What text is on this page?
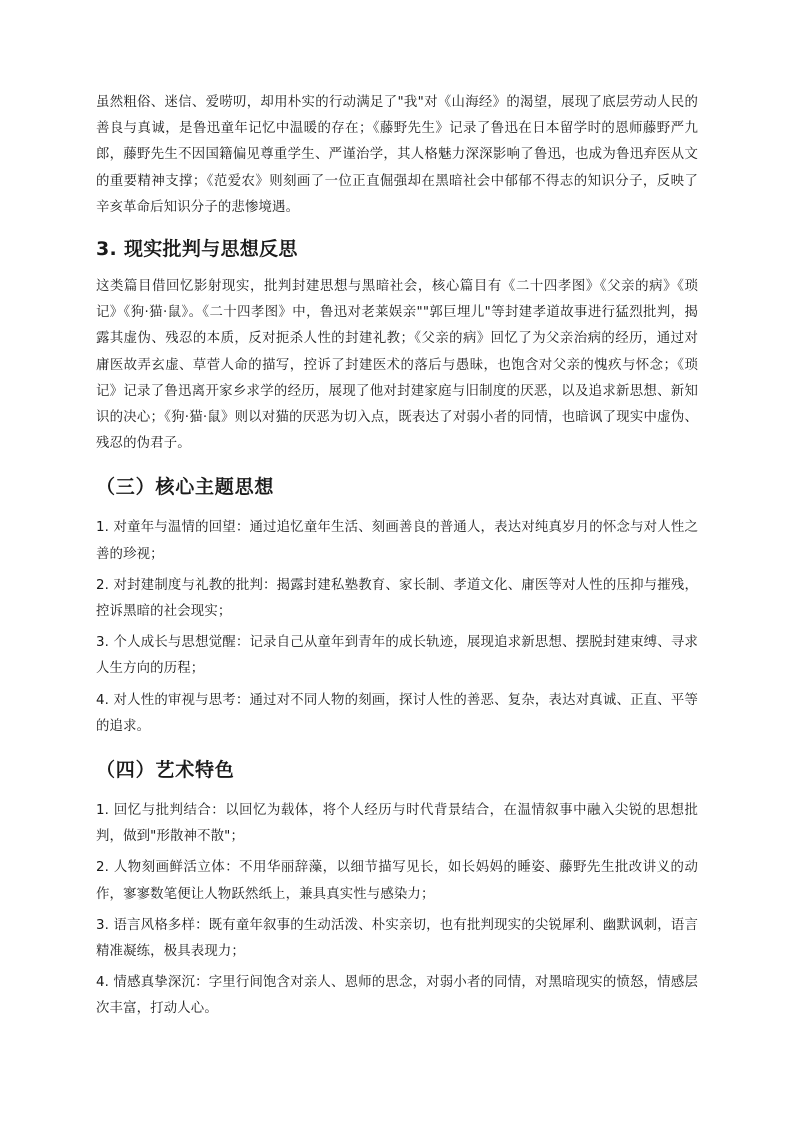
虽然粗俗、迷信、爱唠叨，却用朴实的行动满足了"我"对《山海经》的渴望，展现了底层劳动人民的善良与真诚，是鲁迅童年记忆中温暖的存在；《藤野先生》记录了鲁迅在日本留学时的恩师藤野严九郎，藤野先生不因国籍偏见尊重学生、严谨治学，其人格魅力深深影响了鲁迅，也成为鲁迅弃医从文的重要精神支撑；《范爱农》则刻画了一位正直倔强却在黑暗社会中郁郁不得志的知识分子，反映了辛亥革命后知识分子的悲惨境遇。

3. 现实批判与思想反思

这类篇目借回忆影射现实，批判封建思想与黑暗社会，核心篇目有《二十四孝图》《父亲的病》《琐记》《狗·猫·鼠》。《二十四孝图》中，鲁迅对老莱娱亲""郭巨埋儿"等封建孝道故事进行猛烈批判，揭露其虚伪、残忍的本质，反对扼杀人性的封建礼教；《父亲的病》回忆了为父亲治病的经历，通过对庸医故弄玄虚、草菅人命的描写，控诉了封建医术的落后与愚昧，也饱含对父亲的愧疚与怀念；《琐记》记录了鲁迅离开家乡求学的经历，展现了他对封建家庭与旧制度的厌恶，以及追求新思想、新知识的决心；《狗·猫·鼠》则以对猫的厌恶为切入点，既表达了对弱小者的同情，也暗讽了现实中虚伪、残忍的伪君子。

（三）核心主题思想

1. 对童年与温情的回望：通过追忆童年生活、刻画善良的普通人，表达对纯真岁月的怀念与对人性之善的珍视；

2. 对封建制度与礼教的批判：揭露封建私塾教育、家长制、孝道文化、庸医等对人性的压抑与摧残，控诉黑暗的社会现实；

3. 个人成长与思想觉醒：记录自己从童年到青年的成长轨迹，展现追求新思想、摆脱封建束缚、寻求人生方向的历程；

4. 对人性的审视与思考：通过对不同人物的刻画，探讨人性的善恶、复杂，表达对真诚、正直、平等的追求。

（四）艺术特色

1. 回忆与批判结合：以回忆为载体，将个人经历与时代背景结合，在温情叙事中融入尖锐的思想批判，做到"形散神不散"；

2. 人物刻画鲜活立体：不用华丽辞藻，以细节描写见长，如长妈妈的睡姿、藤野先生批改讲义的动作，寥寥数笔便让人物跃然纸上，兼具真实性与感染力；

3. 语言风格多样：既有童年叙事的生动活泼、朴实亲切，也有批判现实的尖锐犀利、幽默讽刺，语言精准凝练，极具表现力；

4. 情感真挚深沉：字里行间饱含对亲人、恩师的思念，对弱小者的同情，对黑暗现实的愤怒，情感层次丰富，打动人心。
